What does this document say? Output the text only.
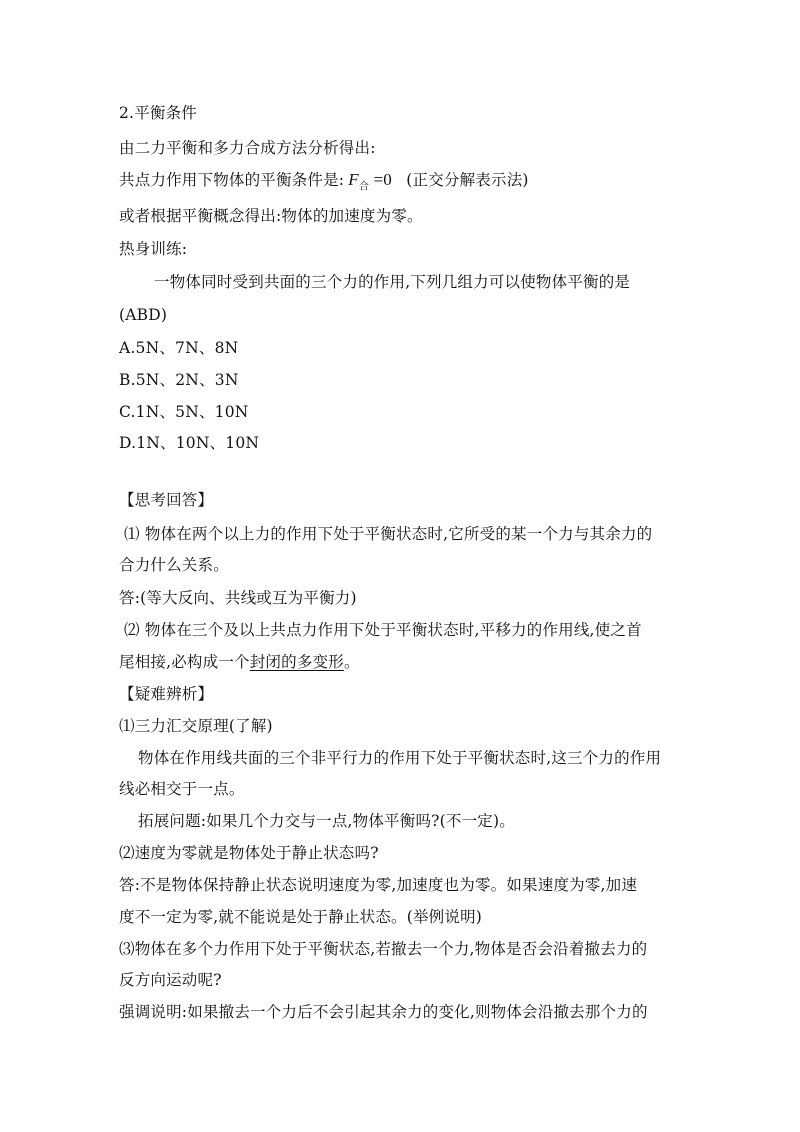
2.平衡条件
由二力平衡和多力合成方法分析得出:
共点力作用下物体的平衡条件是: $F_合 =0$ (正交分解表示法)
或者根据平衡概念得出:物体的加速度为零。
热身训练:
一物体同时受到共面的三个力的作用,下列几组力可以使物体平衡的是
(ABD)
A.5N、7N、8N
B.5N、2N、3N
C.1N、5N、10N
D.1N、10N、10N
【思考回答】
⑴ 物体在两个以上力的作用下处于平衡状态时,它所受的某一个力与其余力的
合力什么关系。
答:(等大反向、共线或互为平衡力)
⑵ 物体在三个及以上共点力作用下处于平衡状态时,平移力的作用线,使之首
尾相接,必构成一个封闭的多变形。
【疑难辨析】
⑴三力汇交原理(了解)
物体在作用线共面的三个非平行力的作用下处于平衡状态时,这三个力的作用
线必相交于一点。
拓展问题:如果几个力交与一点,物体平衡吗?(不一定)。
⑵速度为零就是物体处于静止状态吗?
答:不是物体保持静止状态说明速度为零,加速度也为零。如果速度为零,加速
度不一定为零,就不能说是处于静止状态。(举例说明)
⑶物体在多个力作用下处于平衡状态,若撤去一个力,物体是否会沿着撤去力的
反方向运动呢?
强调说明:如果撤去一个力后不会引起其余力的变化,则物体会沿撤去那个力的
